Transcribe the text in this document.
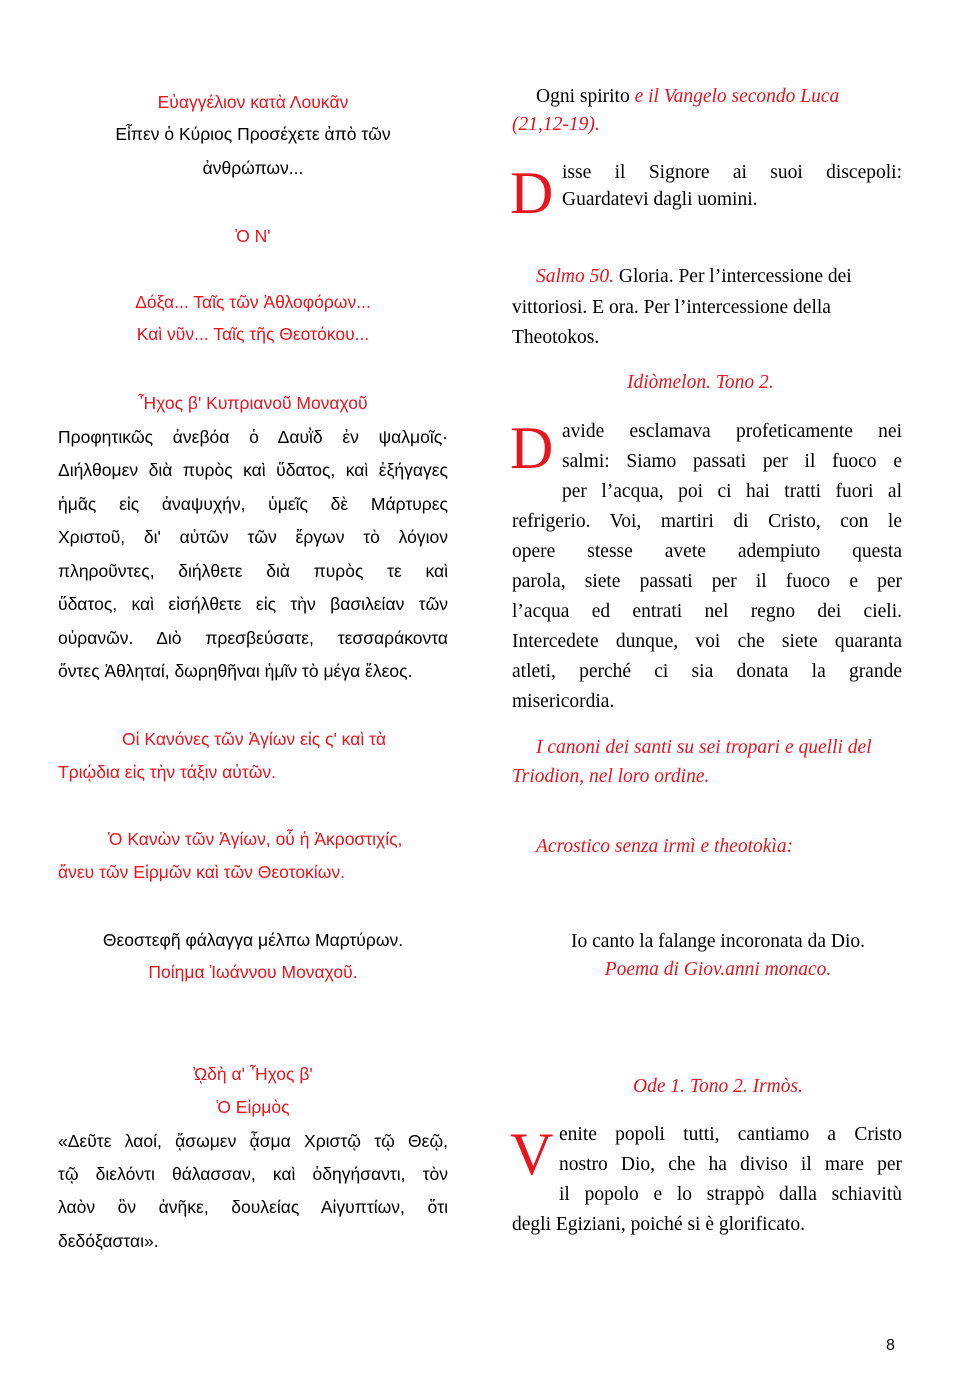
Εὐαγγέλιον κατὰ Λουκᾶν
Εἶπεν ὁ Κύριος Προσέχετε ἀπὸ τῶν
ἀνθρώπων...
Ὁ Ν'
Δόξα... Ταῖς τῶν Ἀθλοφόρων...
Καὶ νῦν... Ταῖς τῆς Θεοτόκου...
Ἦχος β' Κυπριανοῦ Μοναχοῦ
Προφητικῶς ἀνεβόα ὁ Δαυῒδ ἐν ψαλμοῖς·
Διήλθομεν διὰ πυρὸς καὶ ὕδατος, καὶ ἐξήγαγες
ἡμᾶς εἰς ἀναψυχήν, ὑμεῖς δὲ Μάρτυρες
Χριστοῦ, δι' αὐτῶν τῶν ἔργων τὸ λόγιον
πληροῦντες, διήλθετε διὰ πυρὸς τε καὶ
ὕδατος, καὶ εἰσήλθετε εἰς τὴν βασιλείαν τῶν
οὐρανῶν. Διὸ πρεσβεύσατε, τεσσαράκοντα
ὄντες Ἀθληταί, δωρηθῆναι ἡμῖν τὸ μέγα ἔλεος.
Οἱ Κανόνες τῶν Ἁγίων εἰς ς' καὶ τὰ
Τριῴδια εἰς τὴν τάξιν αὐτῶν.
Ὁ Κανὼν τῶν Ἁγίων, οὗ ἡ Ἀκροστιχίς,
ἄνευ τῶν Εἱρμῶν καὶ τῶν Θεοτοκίων.
Θεοστεφῆ φάλαγγα μέλπω Μαρτύρων.
Ποίημα Ἰωάννου Μοναχοῦ.
ᾨδὴ α' Ἦχος β'
Ὁ Εἱρμὸς
«Δεῦτε λαοί, ᾄσωμεν ᾆσμα Χριστῷ τῷ Θεῷ,
τῷ διελόντι θάλασσαν, καὶ ὁδηγήσαντι, τὸν
λαὸν ὃν ἀνῆκε, δουλείας Αἰγυπτίων, ὅτι
δεδόξασται».
Ogni spirito e il Vangelo secondo Luca
(21,12-19).
D isse il Signore ai suoi discepoli:
Guardatevi dagli uomini.
Salmo 50. Gloria. Per l’intercessione dei
vittoriosi. E ora. Per l’intercessione della
Theotokos.
Idiòmelon. Tono 2.
D avide esclamava profeticamente nei
salmi: Siamo passati per il fuoco e
per l’acqua, poi ci hai tratti fuori al
refrigerio. Voi, martiri di Cristo, con le
opere stesse avete adempiuto questa
parola, siete passati per il fuoco e per
l’acqua ed entrati nel regno dei cieli.
Intercedete dunque, voi che siete quaranta
atleti, perché ci sia donata la grande
misericordia.
I canoni dei santi su sei tropari e quelli del
Triodion, nel loro ordine.
Acrostico senza irmì e theotokìa:
Io canto la falange incoronata da Dio.
Poema di Giov.anni monaco.
Ode 1. Tono 2. Irmòs.
V enite popoli tutti, cantiamo a Cristo
nostro Dio, che ha diviso il mare per
il popolo e lo strappò dalla schiavitù
degli Egiziani, poiché si è glorificato.
8
